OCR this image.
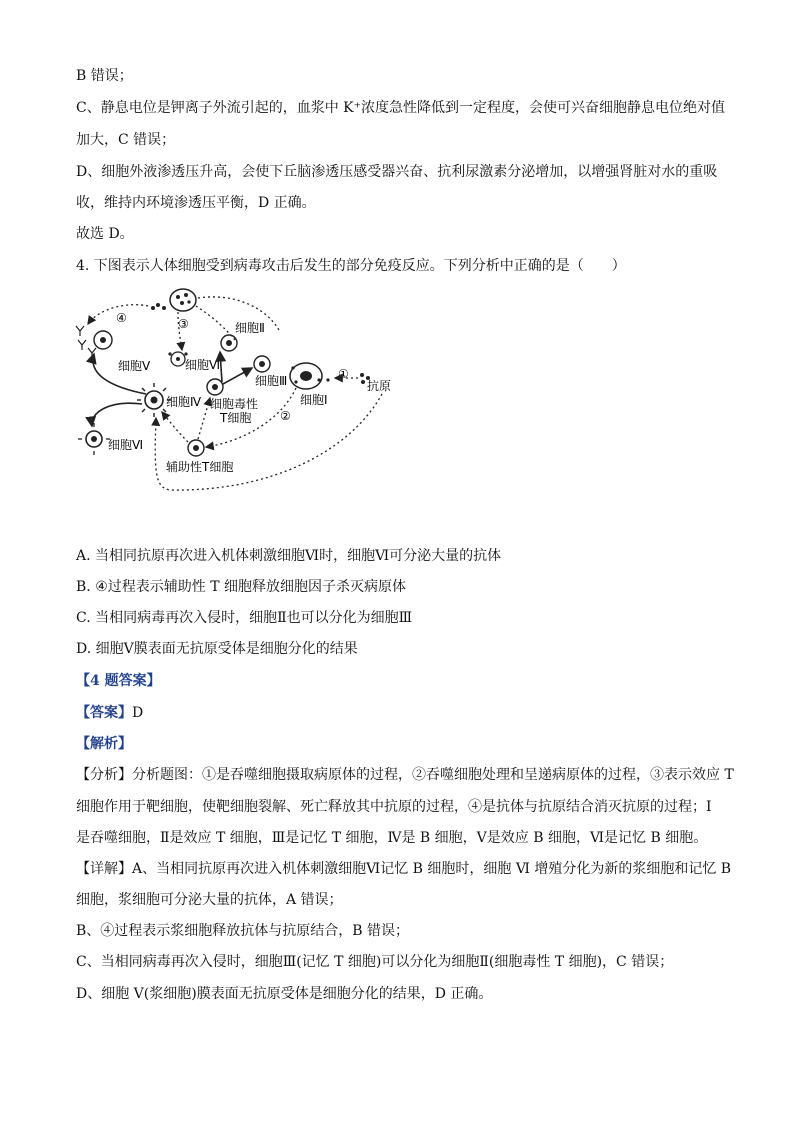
B 错误；
C、静息电位是钾离子外流引起的，血浆中 K⁺浓度急性降低到一定程度，会使可兴奋细胞静息电位绝对值
加大，C 错误；
D、细胞外液渗透压升高，会使下丘脑渗透压感受器兴奋、抗利尿激素分泌增加，以增强肾脏对水的重吸
收，维持内环境渗透压平衡，D 正确。
故选 D。
4. 下图表示人体细胞受到病毒攻击后发生的部分免疫反应。下列分析中正确的是（　　）
④	③
①
②
细胞Ⅴ	细胞Ⅵ
细胞Ⅱ
细胞Ⅲ
细胞毒性
T细胞
细胞Ⅰ
抗原
细胞Ⅳ
细胞Ⅵ
辅助性T细胞
A. 当相同抗原再次进入机体刺激细胞Ⅵ时，细胞Ⅵ可分泌大量的抗体
B. ④过程表示辅助性 T 细胞释放细胞因子杀灭病原体
C. 当相同病毒再次入侵时，细胞Ⅱ也可以分化为细胞Ⅲ
D. 细胞Ⅴ膜表面无抗原受体是细胞分化的结果
【4 题答案】
【答案】D
【解析】
【分析】分析题图：①是吞噬细胞摄取病原体的过程，②吞噬细胞处理和呈递病原体的过程，③表示效应 T
细胞作用于靶细胞，使靶细胞裂解、死亡释放其中抗原的过程，④是抗体与抗原结合消灭抗原的过程；Ⅰ
是吞噬细胞，Ⅱ是效应 T 细胞，Ⅲ是记忆 T 细胞，Ⅳ是 B 细胞，Ⅴ是效应 B 细胞，Ⅵ是记忆 B 细胞。
【详解】A、当相同抗原再次进入机体刺激细胞Ⅵ记忆 B 细胞时，细胞 Ⅵ 增殖分化为新的浆细胞和记忆 B
细胞，浆细胞可分泌大量的抗体，A 错误；
B、④过程表示浆细胞释放抗体与抗原结合，B 错误；
C、当相同病毒再次入侵时，细胞Ⅲ(记忆 T 细胞)可以分化为细胞Ⅱ(细胞毒性 T 细胞)，C 错误；
D、细胞 V(浆细胞)膜表面无抗原受体是细胞分化的结果，D 正确。
